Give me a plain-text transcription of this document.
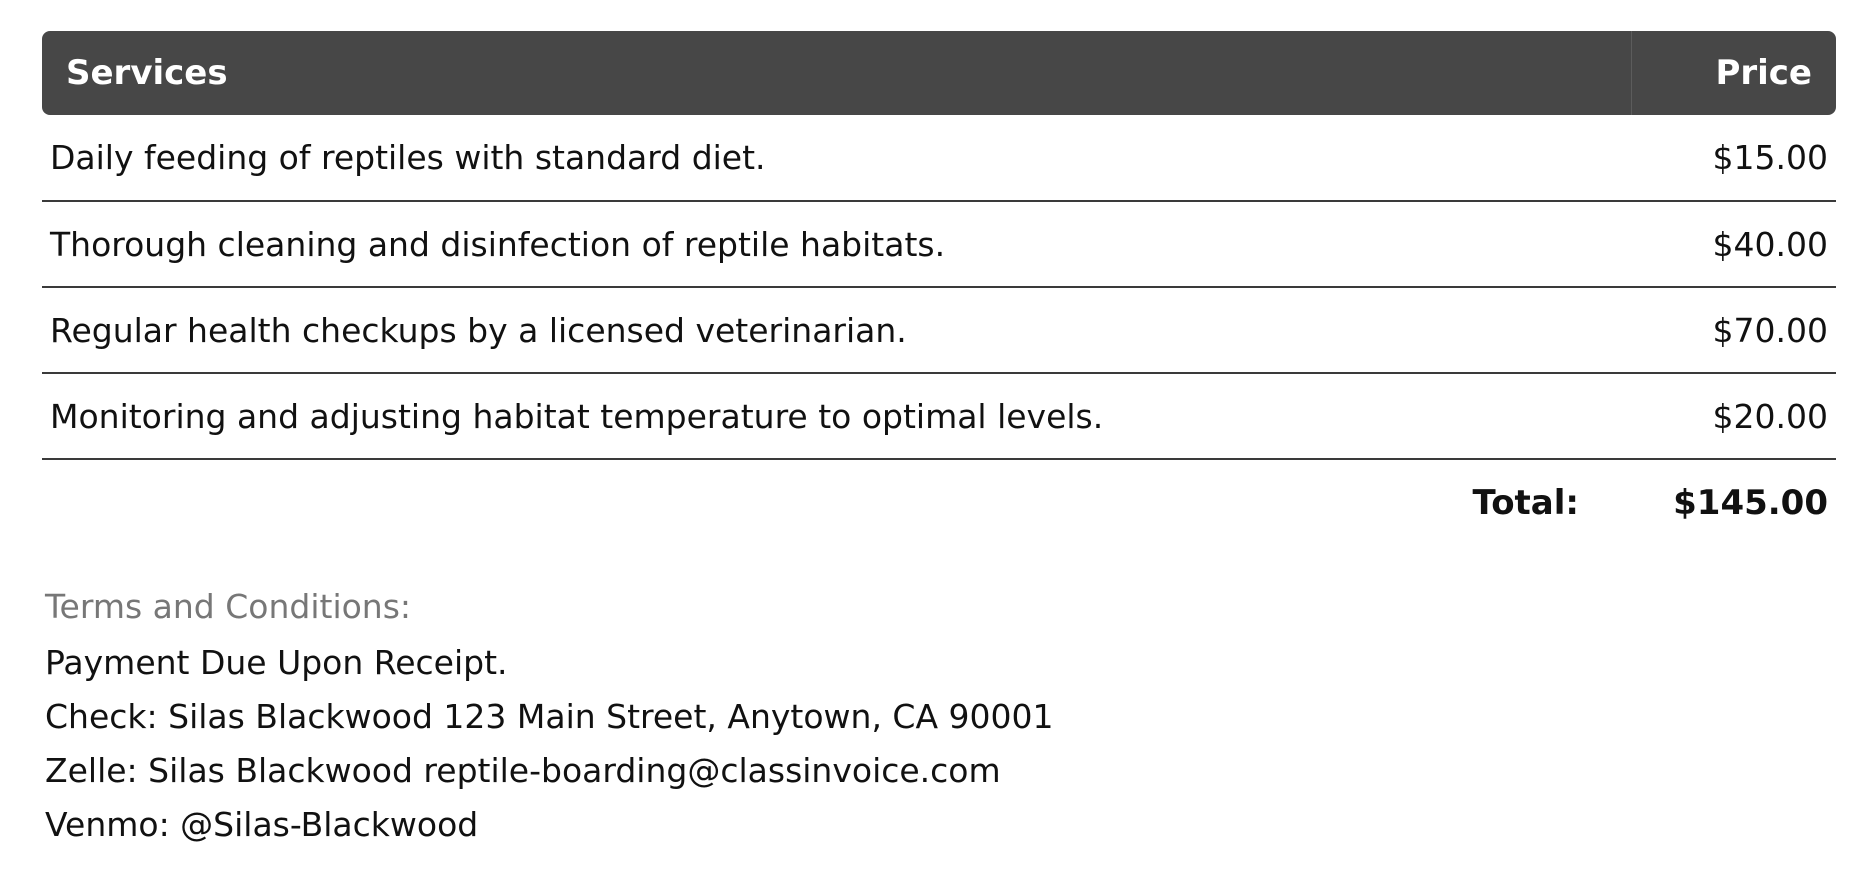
Services	Price
Daily feeding of reptiles with standard diet.	$15.00
Thorough cleaning and disinfection of reptile habitats.	$40.00
Regular health checkups by a licensed veterinarian.	$70.00
Monitoring and adjusting habitat temperature to optimal levels.	$20.00
Total:	$145.00
Terms and Conditions:
Payment Due Upon Receipt.
Check: Silas Blackwood 123 Main Street, Anytown, CA 90001
Zelle: Silas Blackwood reptile-boarding@classinvoice.com
Venmo: @Silas-Blackwood
